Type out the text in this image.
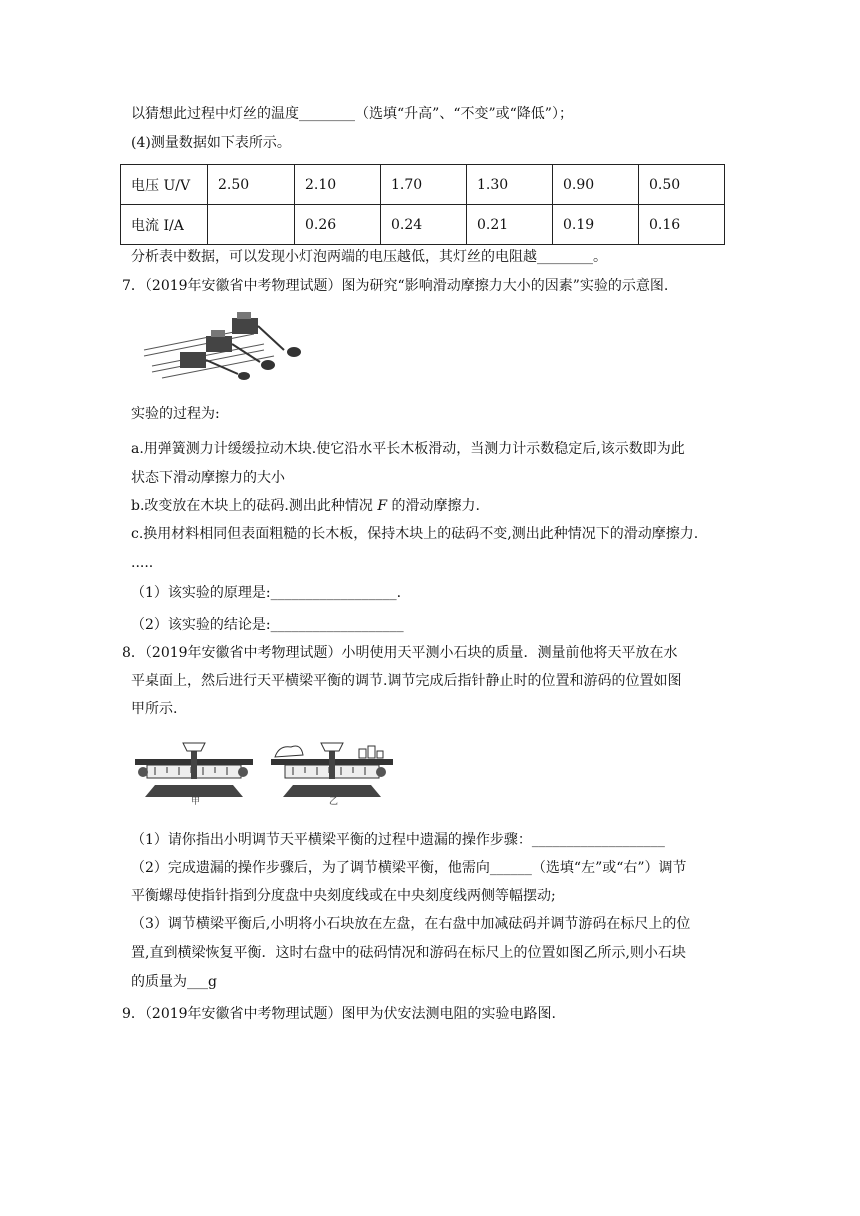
以猜想此过程中灯丝的温度________（选填“升高”、“不变”或“降低”）；
(4)测量数据如下表所示。
电压 U/V	2.50	2.10	1.70	1.30	0.90	0.50
电流 I/A		0.26	0.24	0.21	0.19	0.16
分析表中数据，可以发现小灯泡两端的电压越低，其灯丝的电阻越________。
7．（2019年安徽省中考物理试题）图为研究“影响滑动摩擦力大小的因素”实验的示意图.
实验的过程为:
a.用弹簧测力计缓缓拉动木块.使它沿水平长木板滑动，当测力计示数稳定后,该示数即为此
状态下滑动摩擦力的大小
b.改变放在木块上的砝码.测出此种情况 F 的滑动摩擦力.
c.换用材料相同但表面粗糙的长木板，保持木块上的砝码不变,测出此种情况下的滑动摩擦力.
.....
（1）该实验的原理是:__________________.
（2）该实验的结论是:___________________
8．（2019年安徽省中考物理试题）小明使用天平测小石块的质量．测量前他将天平放在水
平桌面上，然后进行天平横梁平衡的调节.调节完成后指针静止时的位置和游码的位置如图
甲所示.
甲	乙
（1）请你指出小明调节天平横梁平衡的过程中遗漏的操作步骤：___________________
（2）完成遗漏的操作步骤后，为了调节横梁平衡，他需向______（选填“左”或“右”）调节
平衡螺母使指针指到分度盘中央刻度线或在中央刻度线两侧等幅摆动;
（3）调节横梁平衡后,小明将小石块放在左盘，在右盘中加减砝码并调节游码在标尺上的位
置,直到横梁恢复平衡．这时右盘中的砝码情况和游码在标尺上的位置如图乙所示,则小石块
的质量为___g
9．（2019年安徽省中考物理试题）图甲为伏安法测电阻的实验电路图.
